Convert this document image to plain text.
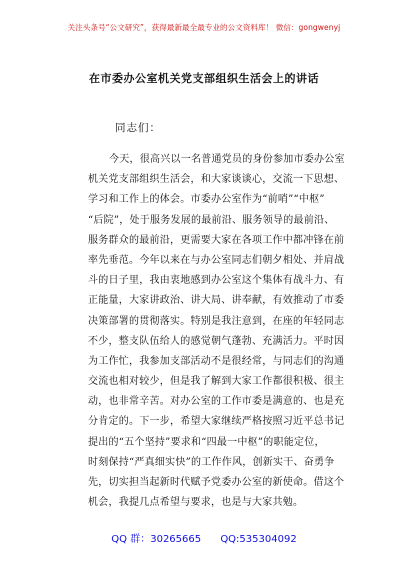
关注头条号“公文研究”，获得最新最全最专业的公文资料库！ 微信：gongwenyj
在市委办公室机关党支部组织生活会上的讲话
同志们：
今天，很高兴以一名普通党员的身份参加市委办公室
机关党支部组织生活会，和大家谈谈心，交流一下思想、
学习和工作上的体会。市委办公室作为“前哨”“中枢”
“后院”，处于服务发展的最前沿、服务领导的最前沿、
服务群众的最前沿，更需要大家在各项工作中都冲锋在前
率先垂范。今年以来在与办公室同志们朝夕相处、并肩战
斗的日子里，我由衷地感到办公室这个集体有战斗力、有
正能量，大家讲政治、讲大局、讲奉献，有效推动了市委
决策部署的贯彻落实。特别是我注意到，在座的年轻同志
不少，整支队伍给人的感觉朝气蓬勃、充满活力。平时因
为工作忙，我参加支部活动不是很经常，与同志们的沟通
交流也相对较少，但是我了解到大家工作都很积极、很主
动，也非常辛苦。对办公室的工作市委是满意的、也是充
分肯定的。下一步，希望大家继续严格按照习近平总书记
提出的“五个坚持”要求和“四最一中枢”的职能定位，
时刻保持“严真细实快”的工作作风，创新实干、奋勇争
先，切实担当起新时代赋予党委办公室的新使命。借这个
机会，我提几点希望与要求，也是与大家共勉。
QQ 群：30265665 QQ:535304092
